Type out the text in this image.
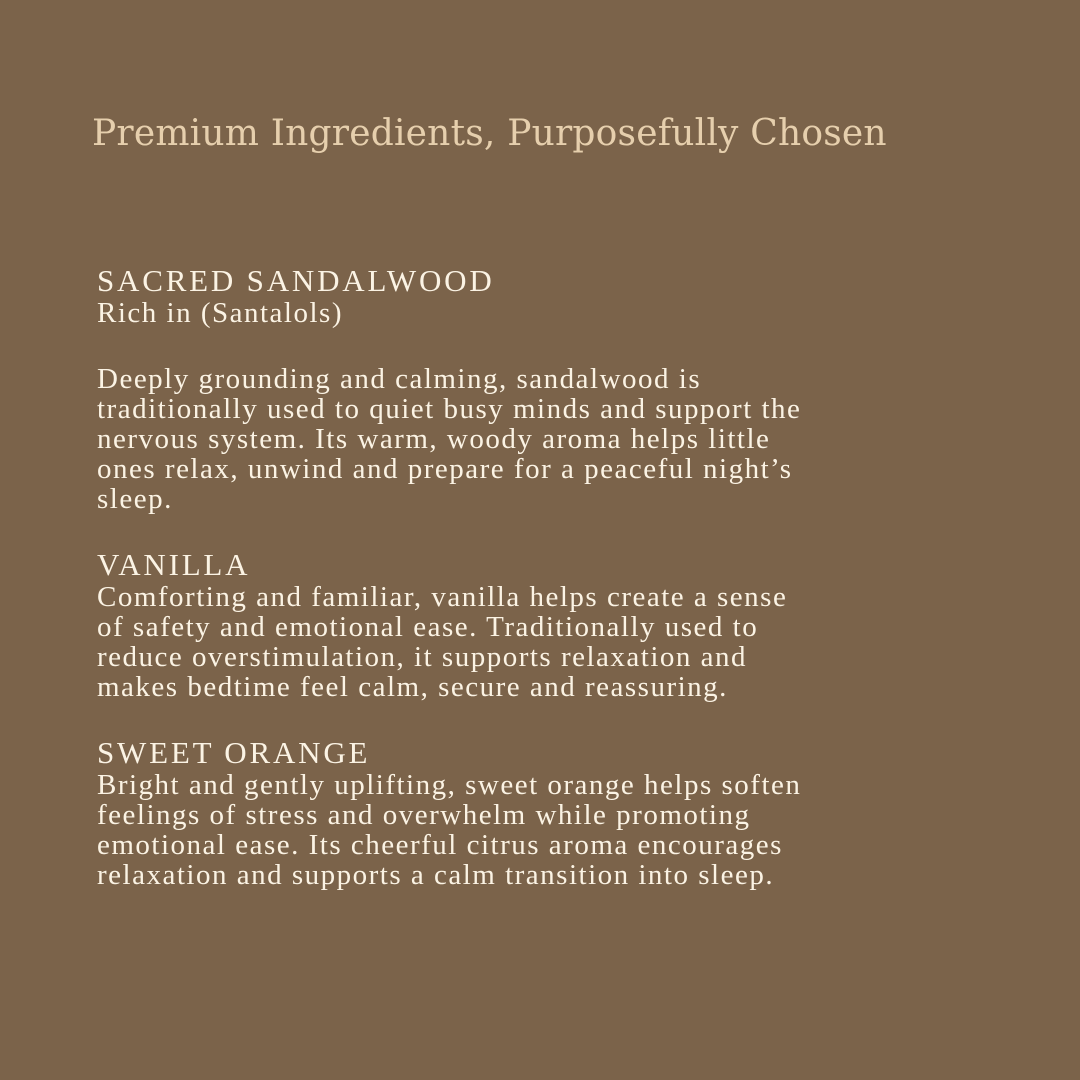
Premium Ingredients, Purposefully Chosen
SACRED SANDALWOOD

Rich in (Santalols)

Deeply grounding and calming, sandalwood is

traditionally used to quiet busy minds and support the

nervous system. Its warm, woody aroma helps little

ones relax, unwind and prepare for a peaceful night’s

sleep.

VANILLA

Comforting and familiar, vanilla helps create a sense

of safety and emotional ease. Traditionally used to

reduce overstimulation, it supports relaxation and

makes bedtime feel calm, secure and reassuring.

SWEET ORANGE

Bright and gently uplifting, sweet orange helps soften

feelings of stress and overwhelm while promoting

emotional ease. Its cheerful citrus aroma encourages

relaxation and supports a calm transition into sleep.
